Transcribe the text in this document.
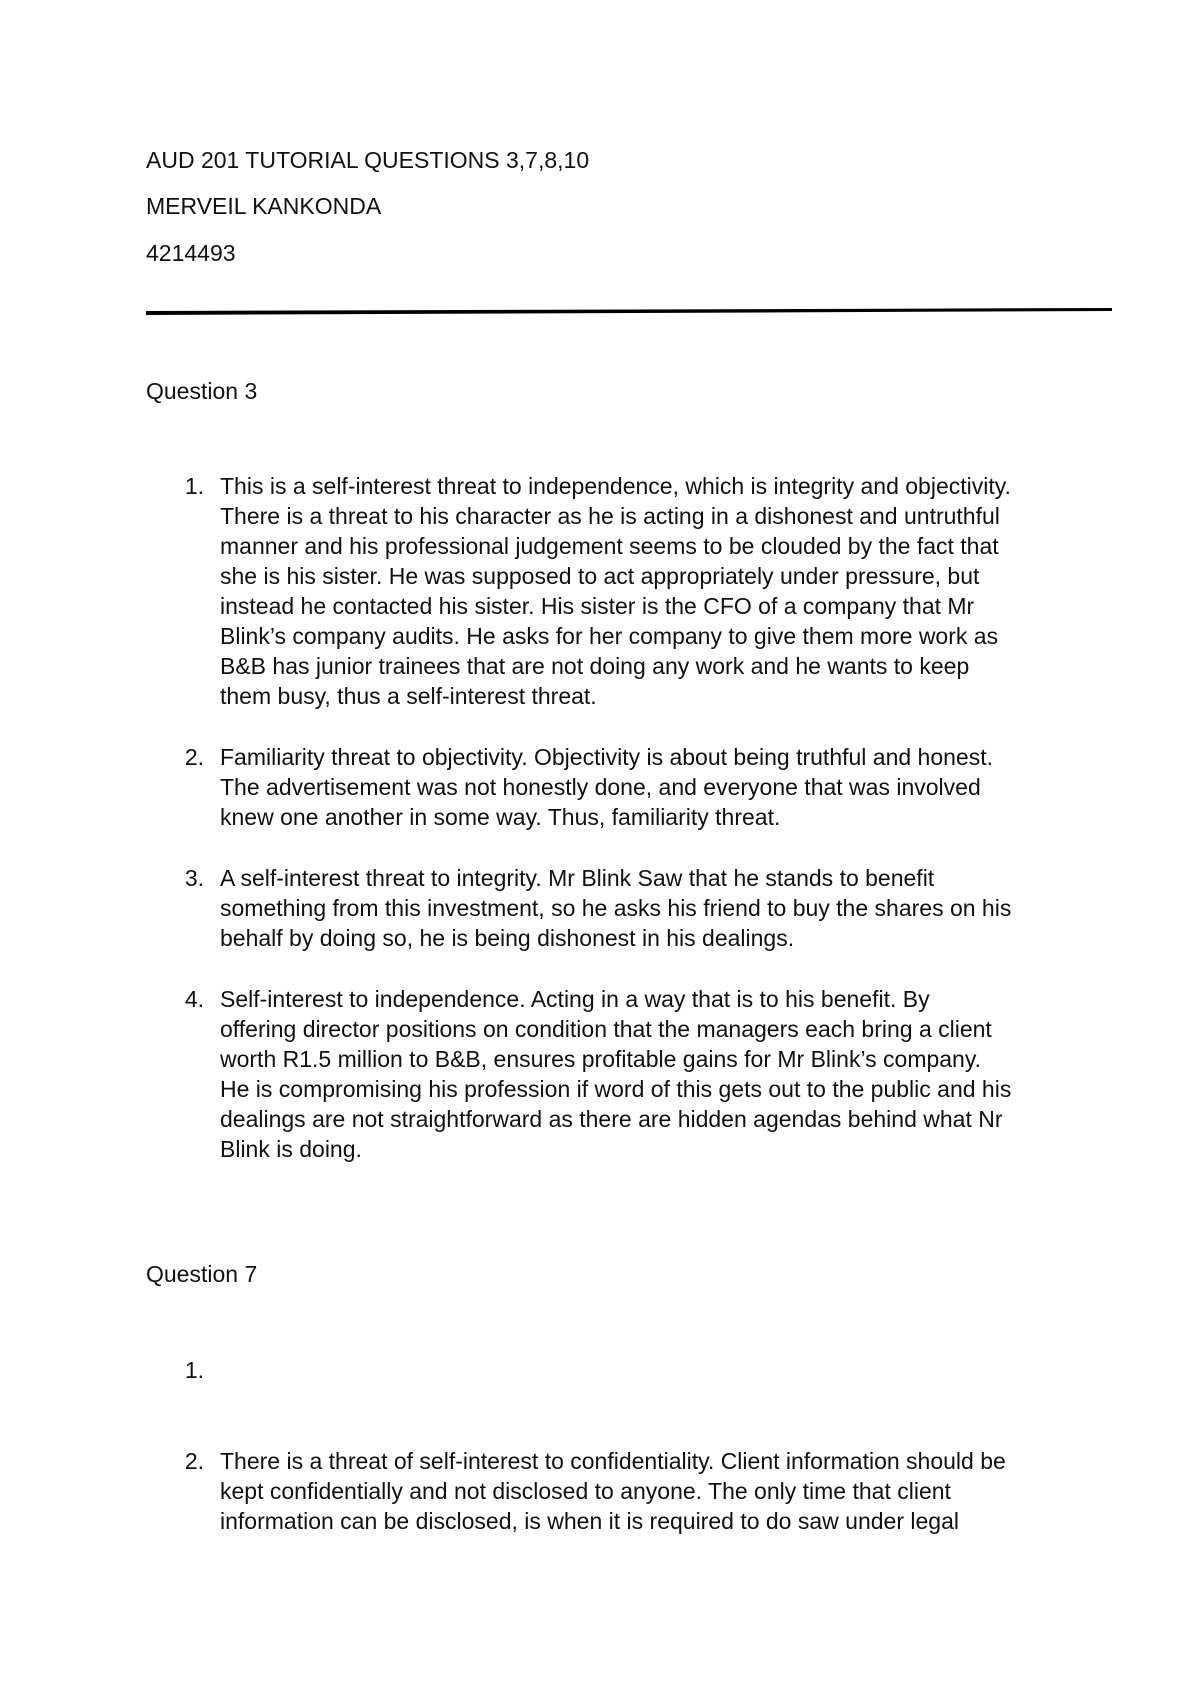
AUD 201 TUTORIAL QUESTIONS 3,7,8,10
MERVEIL KANKONDA
4214493
Question 3
1. This is a self-interest threat to independence, which is integrity and objectivity.
There is a threat to his character as he is acting in a dishonest and untruthful
manner and his professional judgement seems to be clouded by the fact that
she is his sister. He was supposed to act appropriately under pressure, but
instead he contacted his sister. His sister is the CFO of a company that Mr
Blink’s company audits. He asks for her company to give them more work as
B&B has junior trainees that are not doing any work and he wants to keep
them busy, thus a self-interest threat.
2. Familiarity threat to objectivity. Objectivity is about being truthful and honest.
The advertisement was not honestly done, and everyone that was involved
knew one another in some way. Thus, familiarity threat.
3. A self-interest threat to integrity. Mr Blink Saw that he stands to benefit
something from this investment, so he asks his friend to buy the shares on his
behalf by doing so, he is being dishonest in his dealings.
4. Self-interest to independence. Acting in a way that is to his benefit. By
offering director positions on condition that the managers each bring a client
worth R1.5 million to B&B, ensures profitable gains for Mr Blink’s company.
He is compromising his profession if word of this gets out to the public and his
dealings are not straightforward as there are hidden agendas behind what Nr
Blink is doing.
Question 7
1.
2. There is a threat of self-interest to confidentiality. Client information should be
kept confidentially and not disclosed to anyone. The only time that client
information can be disclosed, is when it is required to do saw under legal
